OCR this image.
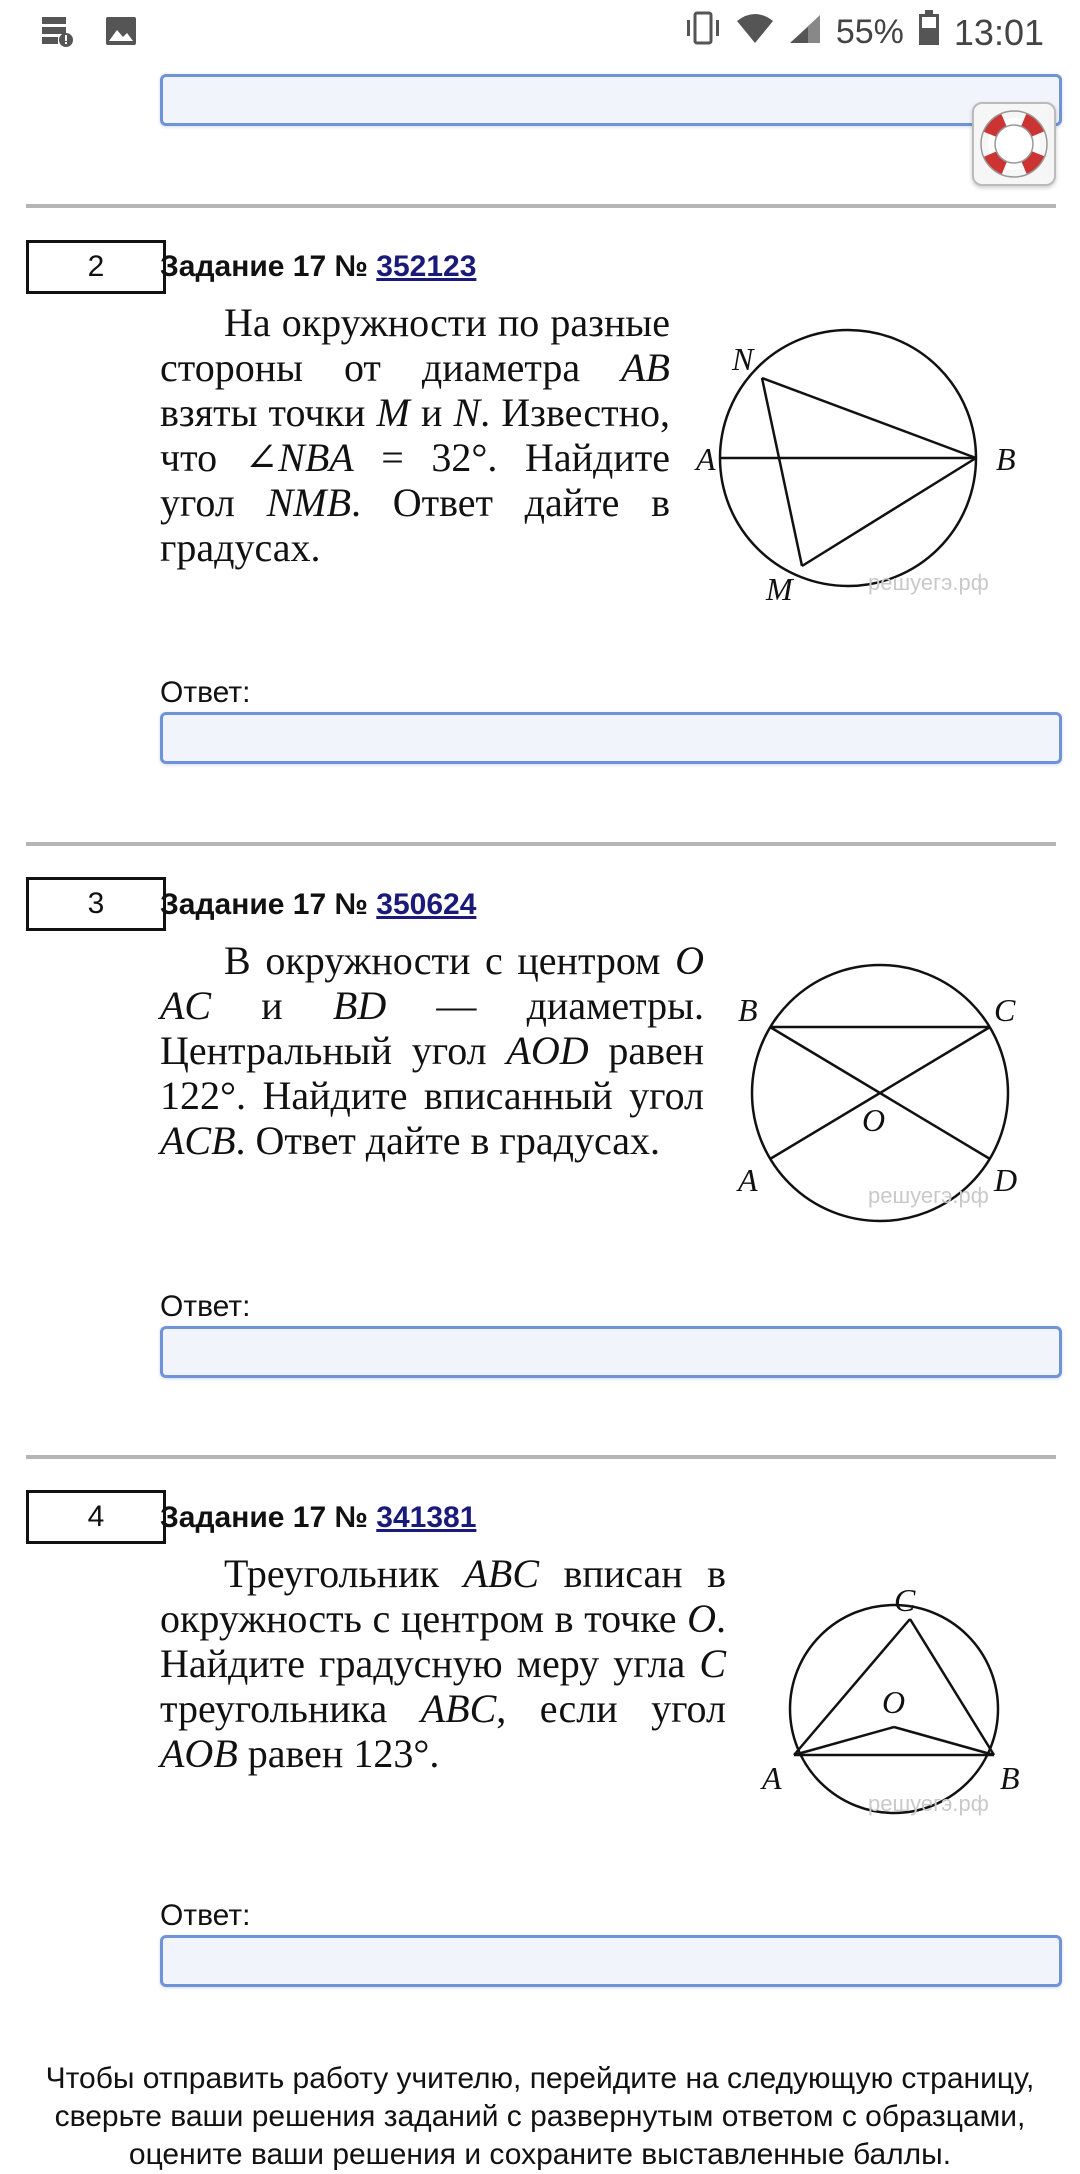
55% 13:01
2	Задание 17 № 352123
На окружности по разные стороны от диаметра AB взяты точки M и N. Известно, что ∠NBA = 32°. Найдите угол NMB. Ответ дайте в градусах.
N
A	B
M	решуегэ.рф
Ответ:
3	Задание 17 № 350624
В окружности с центром O AC и BD — диаметры. Центральный угол AOD равен 122°. Найдите вписанный угол ACB. Ответ дайте в градусах.
B	C
O
A	D
решуегэ.рф
Ответ:
4	Задание 17 № 341381
Треугольник ABC вписан в окружность с центром в точке O. Найдите градусную меру угла C треугольника ABC, если угол AOB равен 123°.
C
O
A	B
решуегэ.рф
Ответ:
Чтобы отправить работу учителю, перейдите на следующую страницу,
сверьте ваши решения заданий с развернутым ответом с образцами,
оцените ваши решения и сохраните выставленные баллы.
